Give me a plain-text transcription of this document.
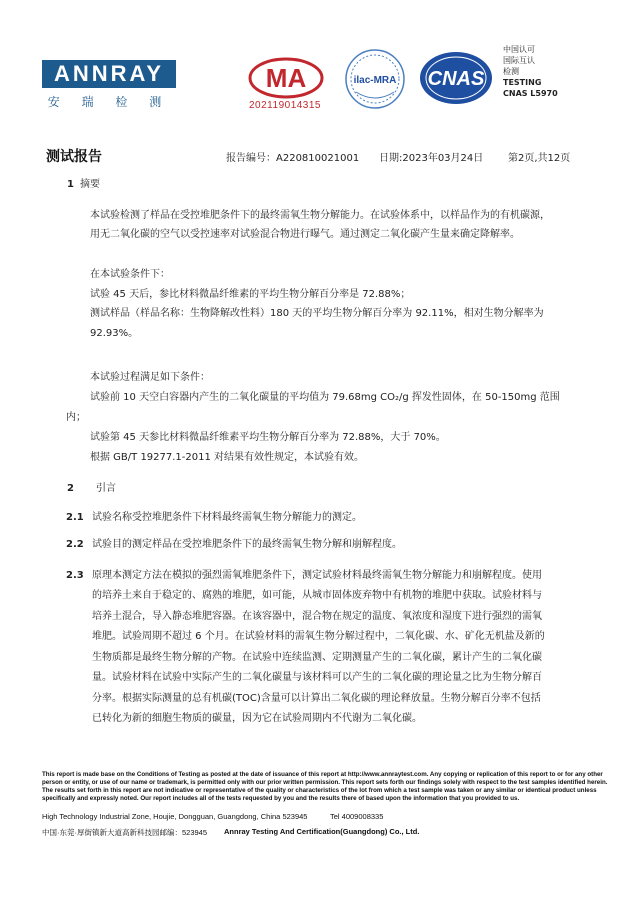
ANNRAY
安 瑞 检 测
MA
202119014315
ilac-MRA CNAS
中国认可
国际互认
检测
TESTING
CNAS L5970
测试报告	报告编号：A220810021001 日期:2023年03月24日 第2页,共12页
1 摘要
本试验检测了样品在受控堆肥条件下的最终需氧生物分解能力。在试验体系中，以样品作为的有机碳源，
用无二氧化碳的空气以受控速率对试验混合物进行曝气。通过测定二氧化碳产生量来确定降解率。
在本试验条件下：
试验 45 天后，参比材料微晶纤维素的平均生物分解百分率是 72.88%；
测试样品（样品名称：生物降解改性料）180 天的平均生物分解百分率为 92.11%，相对生物分解率为
92.93%。
本试验过程满足如下条件：
试验前 10 天空白容器内产生的二氧化碳量的平均值为 79.68mg CO₂/g 挥发性固体，在 50-150mg 范围
内；
试验第 45 天参比材料微晶纤维素平均生物分解百分率为 72.88%，大于 70%。
根据 GB/T 19277.1-2011 对结果有效性规定，本试验有效。
2 引言
2.1 试验名称受控堆肥条件下材料最终需氧生物分解能力的测定。
2.2 试验目的测定样品在受控堆肥条件下的最终需氧生物分解和崩解程度。
2.3 原理本测定方法在模拟的强烈需氧堆肥条件下，测定试验材料最终需氧生物分解能力和崩解程度。使用
的培养土来自于稳定的、腐熟的堆肥，如可能，从城市固体废弃物中有机物的堆肥中获取。试验材料与
培养土混合，导入静态堆肥容器。在该容器中，混合物在规定的温度、氧浓度和湿度下进行强烈的需氧
堆肥。试验周期不超过 6 个月。在试验材料的需氧生物分解过程中，二氧化碳、水、矿化无机盐及新的
生物质都是最终生物分解的产物。在试验中连续监测、定期测量产生的二氧化碳，累计产生的二氧化碳
量。试验材料在试验中实际产生的二氧化碳量与该材料可以产生的二氧化碳的理论量之比为生物分解百
分率。根据实际测量的总有机碳(TOC)含量可以计算出二氧化碳的理论释放量。生物分解百分率不包括
已转化为新的细胞生物质的碳量，因为它在试验周期内不代谢为二氧化碳。
This report is made base on the Conditions of Testing as posted at the date of issuance of this report at http://www.annraytest.com. Any copying or replication of this report to or for any other
person or entity, or use of our name or trademark, is permitted only with our prior written permission. This report sets forth our findings solely with respect to the test samples identified herein.
The results set forth in this report are not indicative or representative of the quality or characteristics of the lot from which a test sample was taken or any similar or identical product unless
specifically and expressly noted. Our report includes all of the tests requested by you and the results there of based upon the information that you provided to us.
High Technology Industrial Zone, Houjie, Dongguan, Guangdong, China 523945	Tel 4009008335
中国·东莞·厚街镇新大道高新科技园邮编：523945 Annray Testing And Certification(Guangdong) Co., Ltd.
